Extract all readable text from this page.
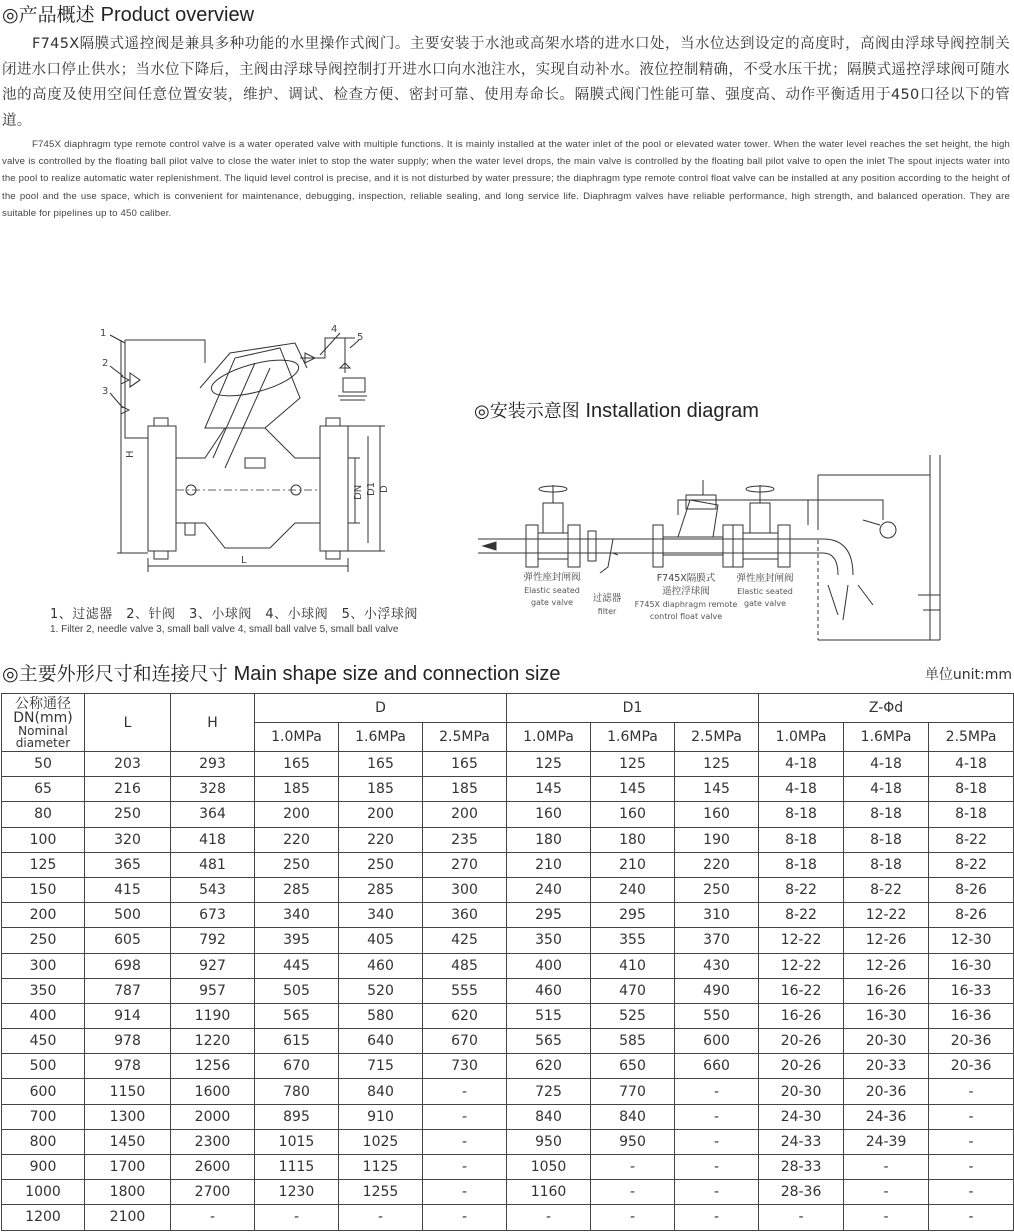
◎产品概述 Product overview
F745X隔膜式遥控阀是兼具多种功能的水里操作式阀门。主要安装于水池或高架水塔的进水口处，当水位达到设定的高度时，高阀由浮球导阀控制关闭进水口停止供水；当水位下降后，主阀由浮球导阀控制打开进水口向水池注水，实现自动补水。液位控制精确，不受水压干扰；隔膜式遥控浮球阀可随水池的高度及使用空间任意位置安装，维护、调试、检查方便、密封可靠、使用寿命长。隔膜式阀门性能可靠、强度高、动作平衡适用于450口径以下的管道。
F745X diaphragm type remote control valve is a water operated valve with multiple functions. It is mainly installed at the water inlet of the pool or elevated water tower. When the water level reaches the set height, the high valve is controlled by the floating ball pilot valve to close the water inlet to stop the water supply; when the water level drops, the main valve is controlled by the floating ball pilot valve to open the inlet The spout injects water into the pool to realize automatic water replenishment. The liquid level control is precise, and it is not disturbed by water pressure; the diaphragm type remote control float valve can be installed at any position according to the height of the pool and the use space, which is convenient for maintenance, debugging, inspection, reliable sealing, and long service life. Diaphragm valves have reliable performance, high strength, and balanced operation. They are suitable for pipelines up to 450 caliber.
1
2
3
4
5
H
L
DN D1 D
1、过滤器　2、针阀　3、小球阀　4、小球阀　5、小浮球阀
1. Filter 2, needle valve 3, small ball valve 4, small ball valve 5, small ball valve
◎安装示意图 Installation diagram
弹性座封闸阀
Elastic seated
gate valve 过滤器
filter
F745X隔膜式
遥控浮球阀
F745X diaphragm remote
control float valve
弹性座封闸阀
Elastic seated
gate valve
◎主要外形尺寸和连接尺寸 Main shape size and connection size	单位unit:mm
公称通径
DN(mm)
Nominal
diameter	L	H	D			D1			Z-Φd		
			1.0MPa	1.6MPa	2.5MPa	1.0MPa	1.6MPa	2.5MPa	1.0MPa	1.6MPa	2.5MPa
50	203	293	165	165	165	125	125	125	4-18	4-18	4-18
65	216	328	185	185	185	145	145	145	4-18	4-18	8-18
80	250	364	200	200	200	160	160	160	8-18	8-18	8-18
100	320	418	220	220	235	180	180	190	8-18	8-18	8-22
125	365	481	250	250	270	210	210	220	8-18	8-18	8-22
150	415	543	285	285	300	240	240	250	8-22	8-22	8-26
200	500	673	340	340	360	295	295	310	8-22	12-22	8-26
250	605	792	395	405	425	350	355	370	12-22	12-26	12-30
300	698	927	445	460	485	400	410	430	12-22	12-26	16-30
350	787	957	505	520	555	460	470	490	16-22	16-26	16-33
400	914	1190	565	580	620	515	525	550	16-26	16-30	16-36
450	978	1220	615	640	670	565	585	600	20-26	20-30	20-36
500	978	1256	670	715	730	620	650	660	20-26	20-33	20-36
600	1150	1600	780	840	-	725	770	-	20-30	20-36	-
700	1300	2000	895	910	-	840	840	-	24-30	24-36	-
800	1450	2300	1015	1025	-	950	950	-	24-33	24-39	-
900	1700	2600	1115	1125	-	1050	-	-	28-33	-	-
1000	1800	2700	1230	1255	-	1160	-	-	28-36	-	-
1200	2100	-	-	-	-	-	-	-	-	-	-
